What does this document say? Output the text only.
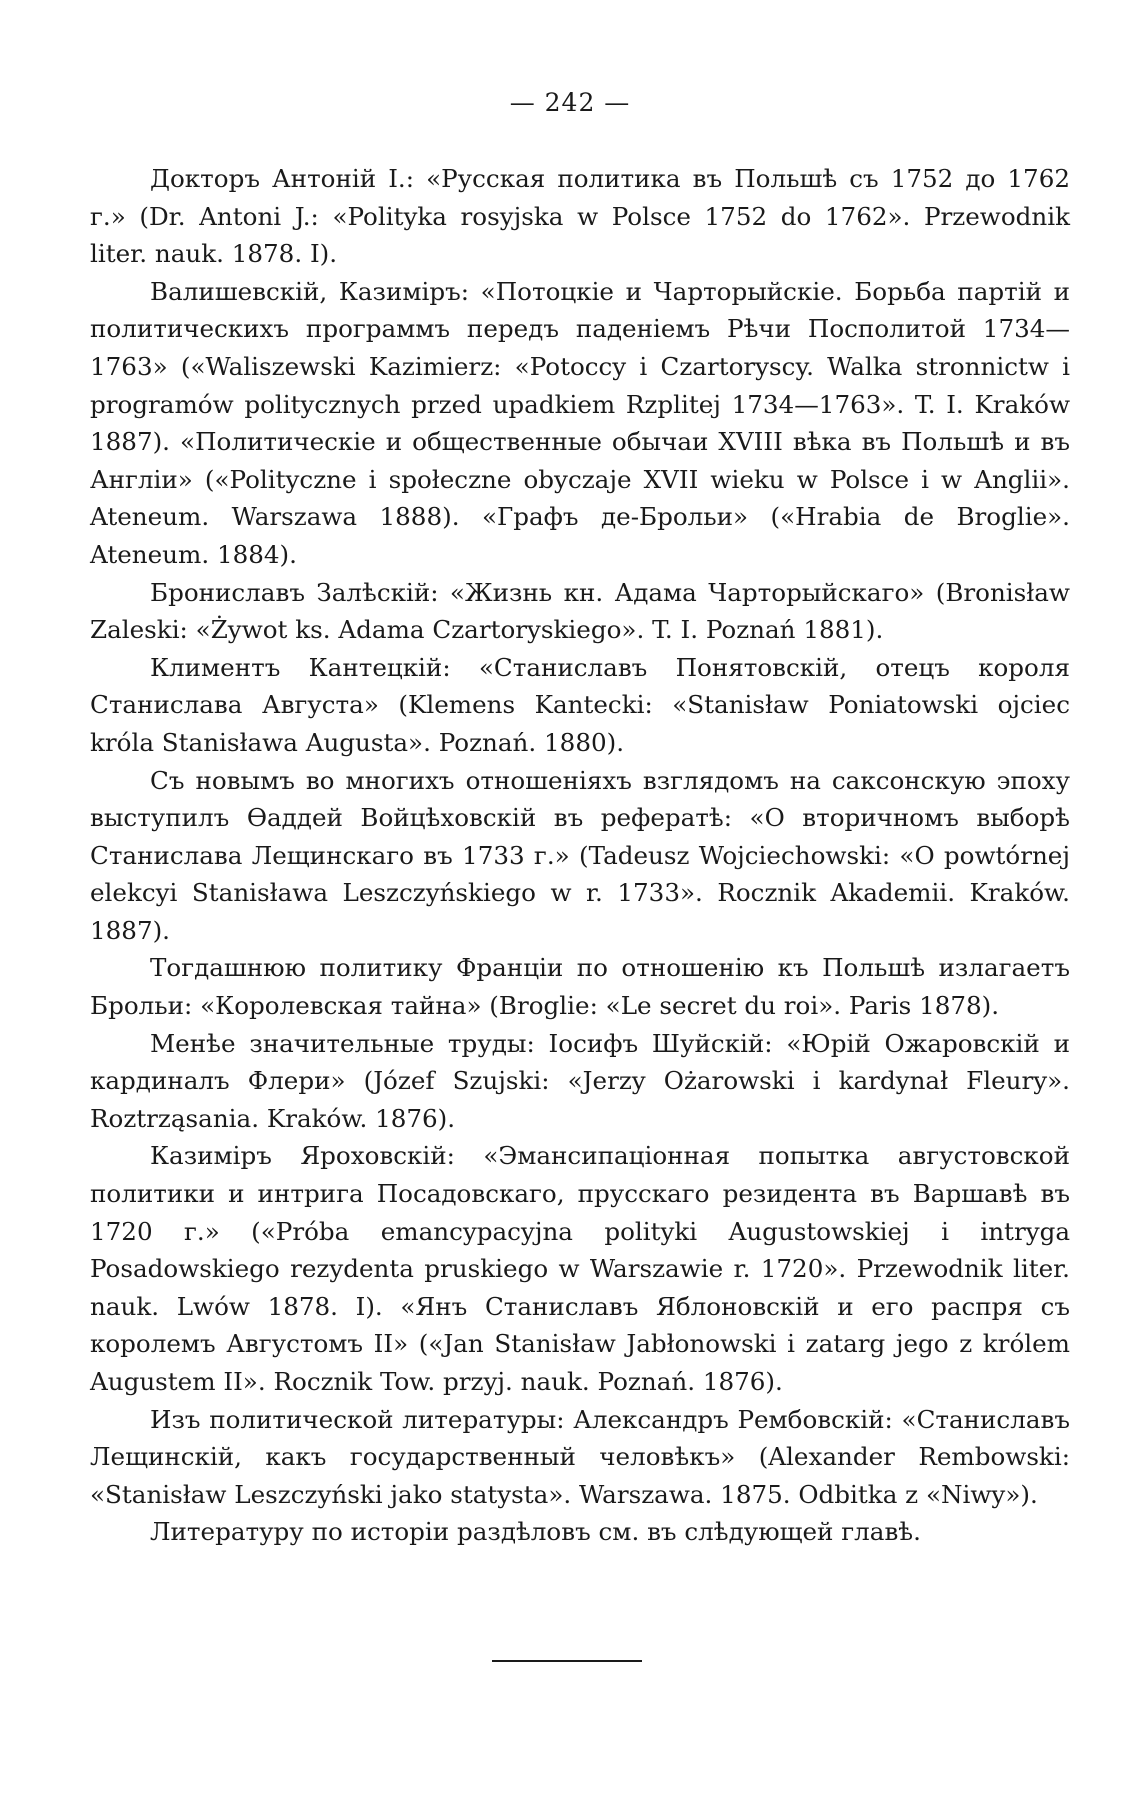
— 242 —

Докторъ Антоній І.: «Русская политика въ Польшѣ съ 1752 до 1762 г.» (Dr. Antoni J.: «Polityka rosyjska w Polsce 1752 do 1762». Przewodnik liter. nauk. 1878. I).

Валишевскій, Казиміръ: «Потоцкіе и Чарторыйскіе. Борьба партій и политическихъ программъ передъ паденіемъ Рѣчи Посполитой 1734—1763» («Waliszewski Kazimierz: «Potoccy i Czartoryscy. Walka stronnictw i programów politycznych przed upadkiem Rzplitej 1734—1763». T. I. Kraków 1887). «Политическіе и общественные обычаи XVIII вѣка въ Польшѣ и въ Англіи» («Polityczne i społeczne obyczaje XVII wieku w Polsce i w Anglii». Ateneum. Warszawa 1888). «Графъ де-Брольи» («Hrabia de Broglie». Ateneum. 1884).

Брониславъ Залѣскій: «Жизнь кн. Адама Чарторыйскаго» (Bronisław Zaleski: «Żywot ks. Adama Czartoryskiego». T. I. Poznań 1881).

Климентъ Кантецкій: «Станиславъ Понятовскій, отецъ короля Станислава Августа» (Klemens Kantecki: «Stanisław Poniatowski ojciec króla Stanisława Augusta». Poznań. 1880).

Съ новымъ во многихъ отношеніяхъ взглядомъ на саксонскую эпоху выступилъ Ѳаддей Войцѣховскій въ рефератѣ: «О вторичномъ выборѣ Станислава Лещинскаго въ 1733 г.» (Tadeusz Wojciechowski: «O powtórnej elekcyi Stanisława Leszczyńskiego w r. 1733». Rocznik Akademii. Kraków. 1887).

Тогдашнюю политику Франціи по отношенію къ Польшѣ излагаетъ Брольи: «Королевская тайна» (Broglie: «Le secret du roi». Paris 1878).

Менѣе значительные труды: Іосифъ Шуйскій: «Юрій Ожаровскій и кардиналъ Флери» (Józef Szujski: «Jerzy Ożarowski i kardynał Fleury». Roztrząsania. Kraków. 1876).

Казиміръ Яроховскій: «Эмансипаціонная попытка августовской политики и интрига Посадовскаго, прусскаго резидента въ Варшавѣ въ 1720 г.» («Próba emancypacyjna polityki Augustowskiej i intryga Posadowskiego rezydenta pruskiego w Warszawie r. 1720». Przewodnik liter. nauk. Lwów 1878. I). «Янъ Станиславъ Яблоновскій и его распря съ королемъ Августомъ II» («Jan Stanisław Jabłonowski i zatarg jego z królem Augustem II». Rocznik Tow. przyj. nauk. Poznań. 1876).

Изъ политической литературы: Александръ Рембовскій: «Станиславъ Лещинскій, какъ государственный человѣкъ» (Alexander Rembowski: «Stanisław Leszczyński jako statysta». Warszawa. 1875. Odbitka z «Niwy»).

Литературу по исторіи раздѣловъ см. въ слѣдующей главѣ.
